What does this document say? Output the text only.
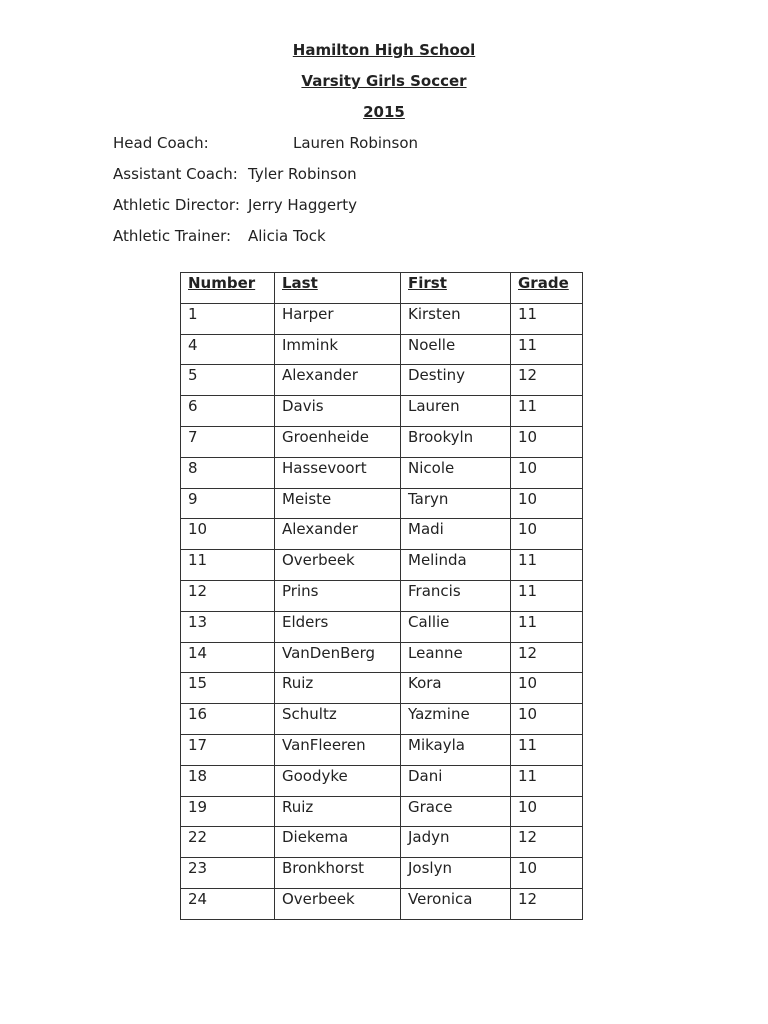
Hamilton High School
Varsity Girls Soccer
2015
Head Coach:	Lauren Robinson
Assistant Coach: Tyler Robinson
Athletic Director: Jerry Haggerty
Athletic Trainer: Alicia Tock
Number	Last	First	Grade
1	Harper	Kirsten	11
4	Immink	Noelle	11
5	Alexander	Destiny	12
6	Davis	Lauren	11
7	Groenheide	Brookyln	10
8	Hassevoort	Nicole	10
9	Meiste	Taryn	10
10	Alexander	Madi	10
11	Overbeek	Melinda	11
12	Prins	Francis	11
13	Elders	Callie	11
14	VanDenBerg	Leanne	12
15	Ruiz	Kora	10
16	Schultz	Yazmine	10
17	VanFleeren	Mikayla	11
18	Goodyke	Dani	11
19	Ruiz	Grace	10
22	Diekema	Jadyn	12
23	Bronkhorst	Joslyn	10
24	Overbeek	Veronica	12
